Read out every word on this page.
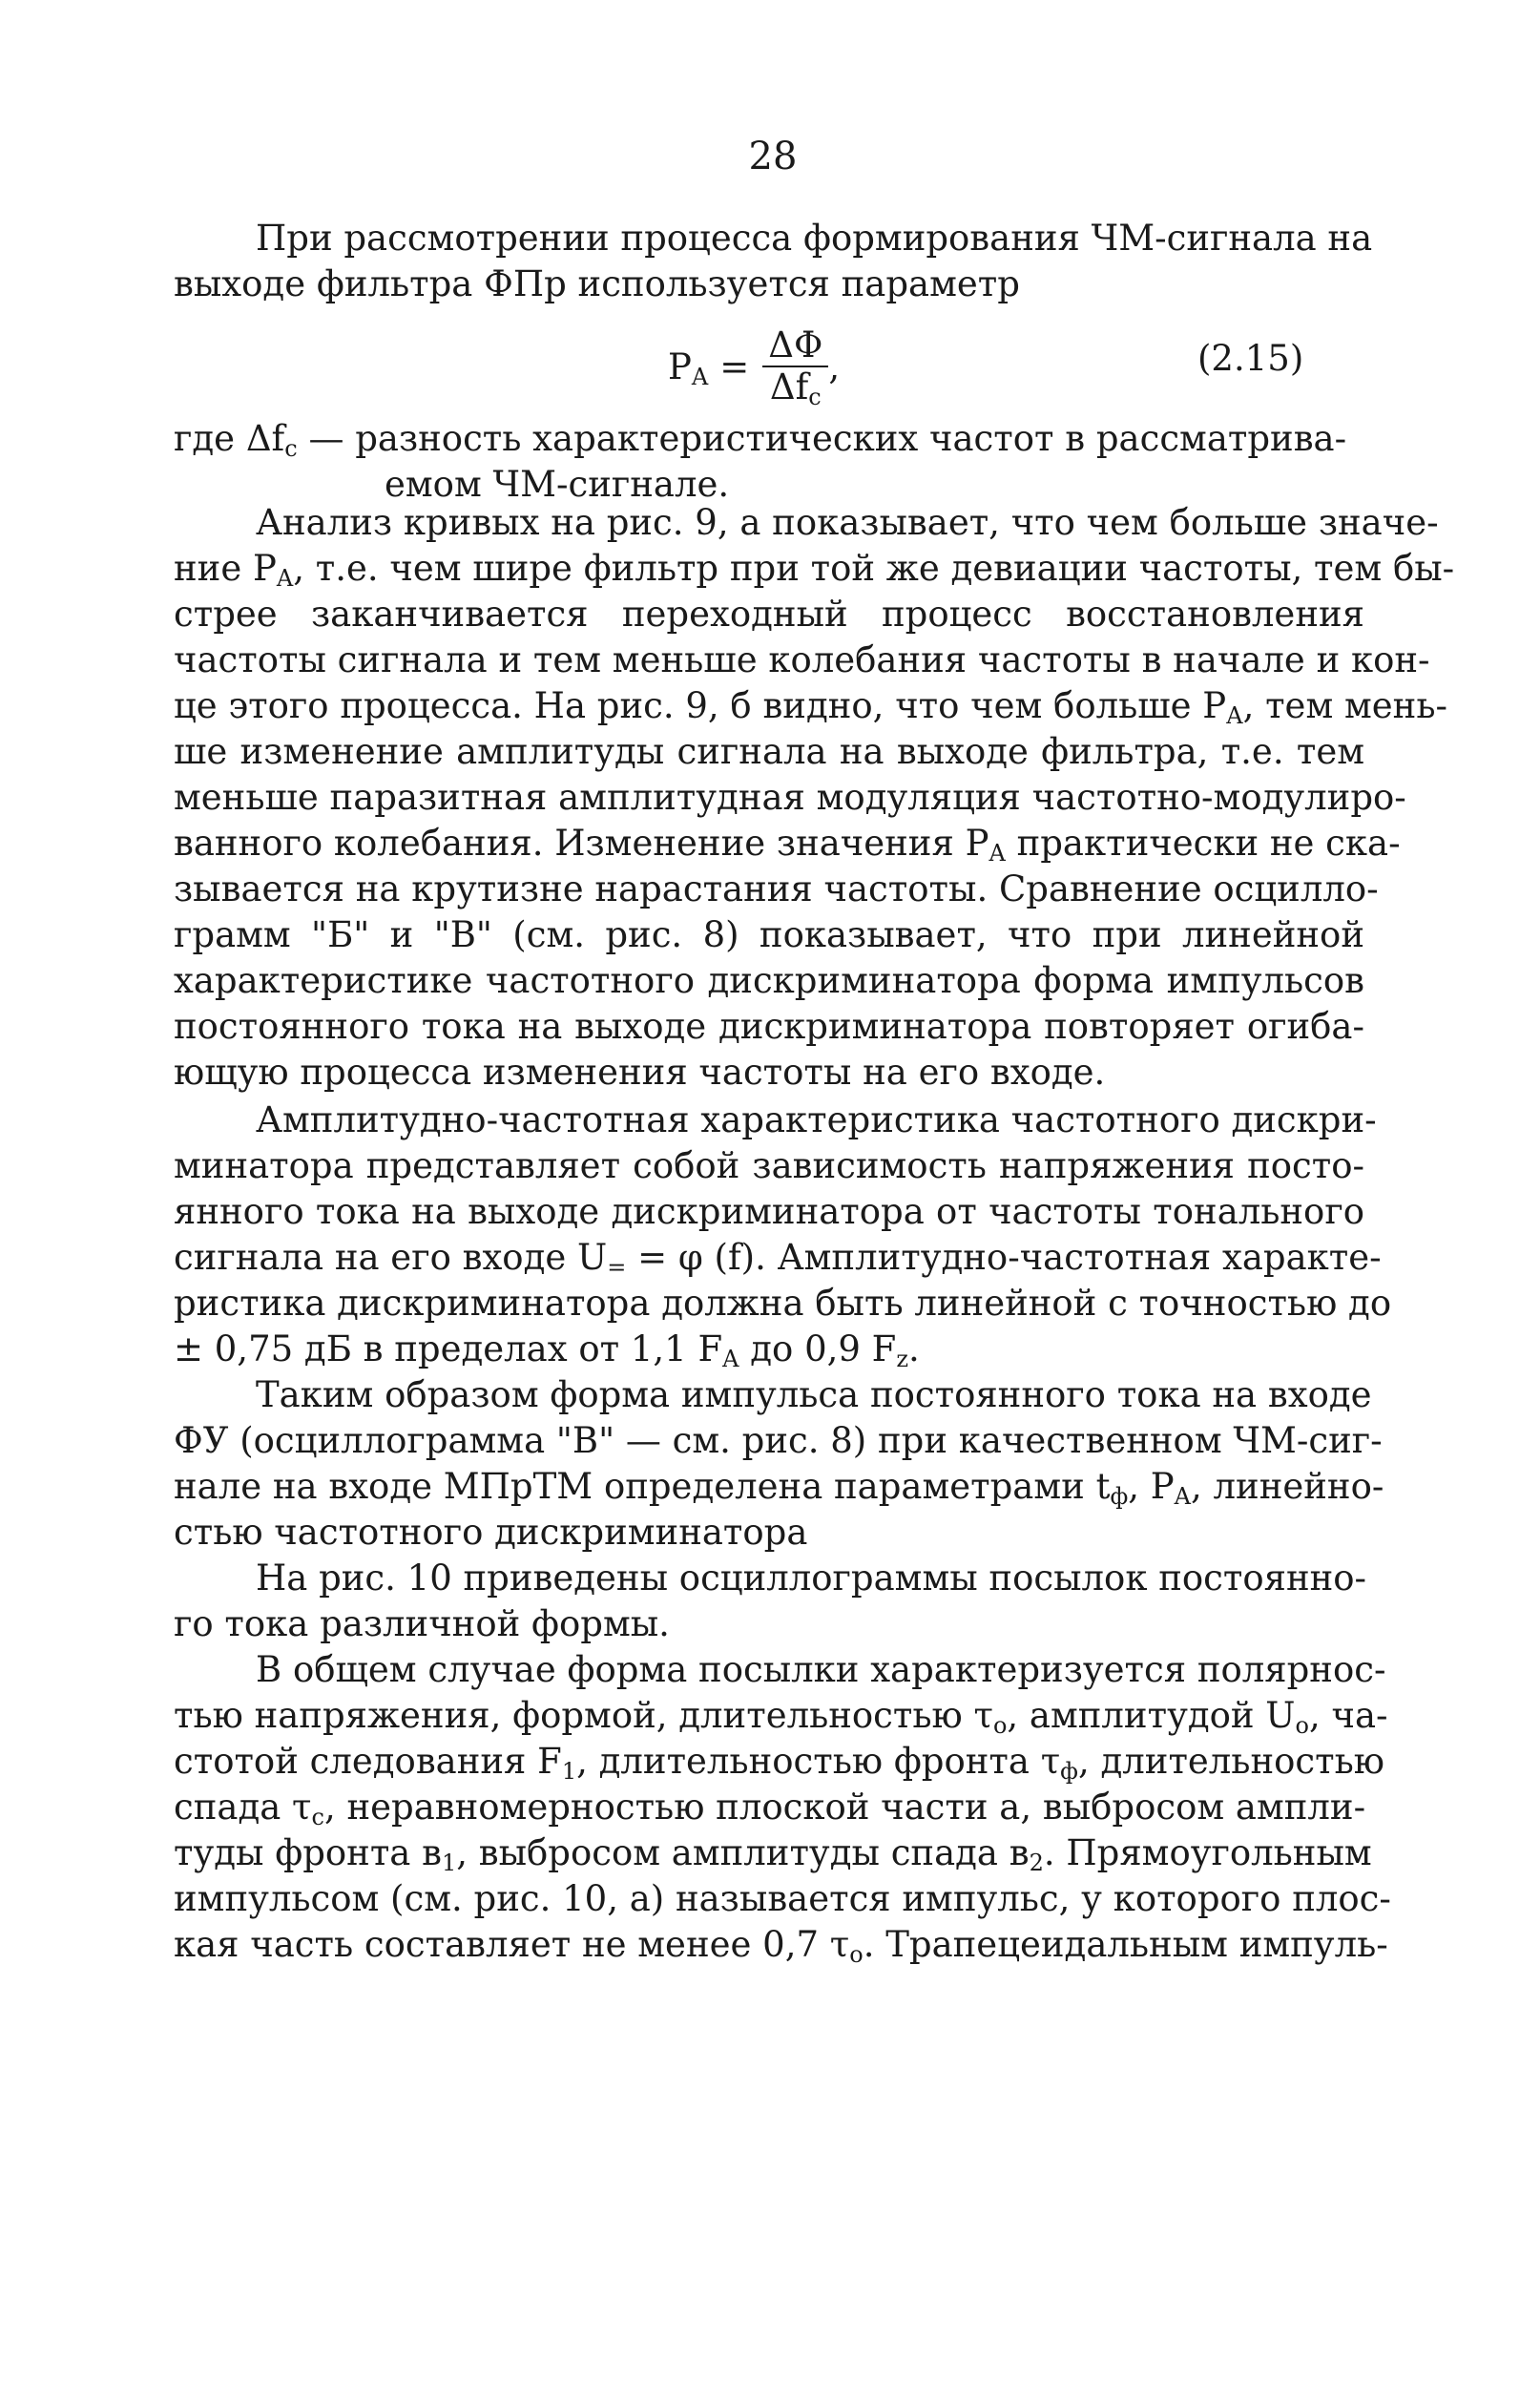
28
При рассмотрении процесса формирования ЧМ-сигнала на
выходе фильтра ФПр используется параметр
$P_A = \frac{\Delta\Phi}{\Delta f_c}$ ,	(2.15)
где $\Delta f_c$ — разность характеристических частот в рассматрива-
емом ЧМ-сигнале.
Анализ кривых на рис. 9, а показывает, что чем больше значе-
ние $P_A$, т.е. чем шире фильтр при той же девиации частоты, тем бы-
стрее заканчивается переходный процесс восстановления
частоты сигнала и тем меньше колебания частоты в начале и кон-
це этого процесса. На рис. 9, б видно, что чем больше $P_A$, тем мень-
ше изменение амплитуды сигнала на выходе фильтра, т.е. тем
меньше паразитная амплитудная модуляция частотно-модулиро-
ванного колебания. Изменение значения $P_A$ практически не ска-
зывается на крутизне нарастания частоты. Сравнение осцилло-
грамм "Б" и "В" (см. рис. 8) показывает, что при линейной
характеристике частотного дискриминатора форма импульсов
постоянного тока на выходе дискриминатора повторяет огиба-
ющую процесса изменения частоты на его входе.
Амплитудно-частотная характеристика частотного дискри-
минатора представляет собой зависимость напряжения посто-
янного тока на выходе дискриминатора от частоты тонального
сигнала на его входе $U_= = \varphi$ (f). Амплитудно-частотная характе-
ристика дискриминатора должна быть линейной с точностью до
± 0,75 дБ в пределах от 1,1 $F_A$ до 0,9 $F_z$.
Таким образом форма импульса постоянного тока на входе
ФУ (осциллограмма "В" — см. рис. 8) при качественном ЧМ-сиг-
нале на входе МПрТМ определена параметрами $t_ф$, $P_A$, линейно-
стью частотного дискриминатора
На рис. 10 приведены осциллограммы посылок постоянно-
го тока различной формы.
В общем случае форма посылки характеризуется полярнос-
тью напряжения, формой, длительностью $\tau_o$, амплитудой $U_o$, ча-
стотой следования $F_1$, длительностью фронта $\tau_ф$, длительностью
спада $\tau_c$, неравномерностью плоской части а, выбросом ампли-
туды фронта $в_1$, выбросом амплитуды спада $в_2$. Прямоугольным
импульсом (см. рис. 10, а) называется импульс, у которого плос-
кая часть составляет не менее 0,7 $\tau_o$. Трапецеидальным импуль-
